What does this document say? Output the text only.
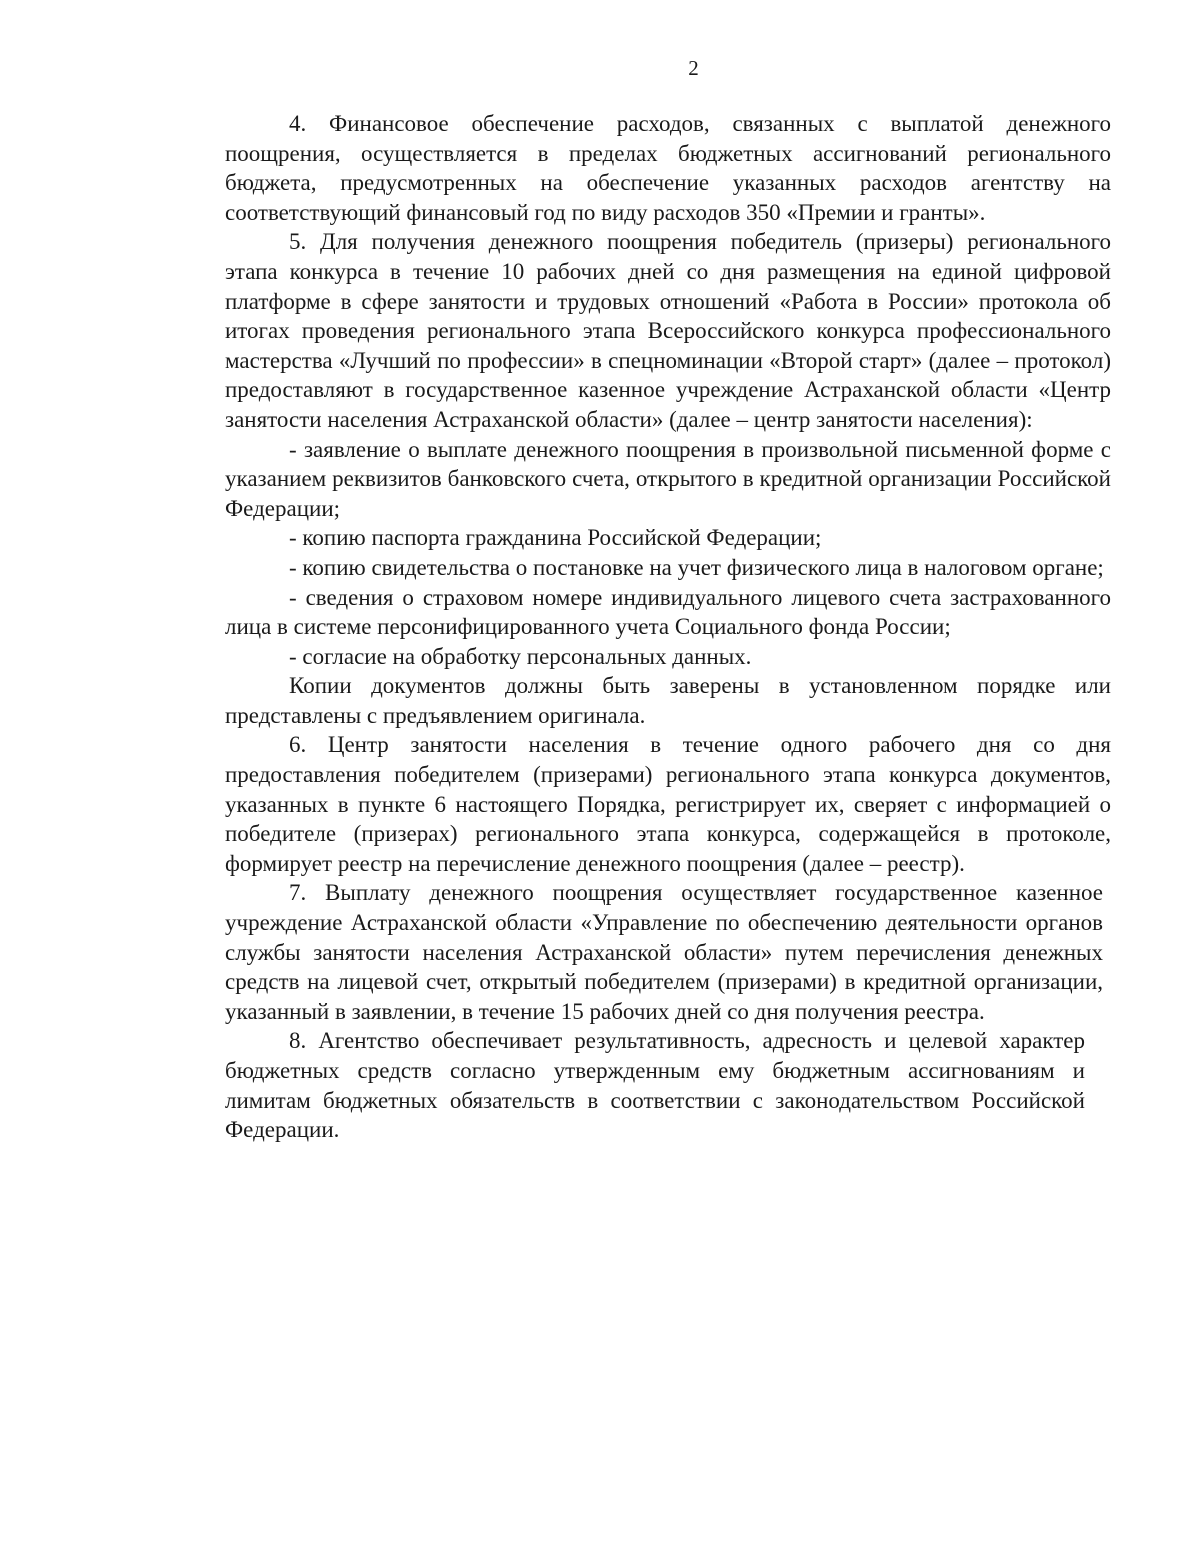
2

4. Финансовое обеспечение расходов, связанных с выплатой денежного поощрения, осуществляется в пределах бюджетных ассигнований регионального бюджета, предусмотренных на обеспечение указанных расходов агентству на соответствующий финансовый год по виду расходов 350 «Премии и гранты».

5. Для получения денежного поощрения победитель (призеры) регионального этапа конкурса в течение 10 рабочих дней со дня размещения на единой цифровой платформе в сфере занятости и трудовых отношений «Работа в России» протокола об итогах проведения регионального этапа Всероссийского конкурса профессионального мастерства «Лучший по профессии» в спецноминации «Второй старт» (далее – протокол) предоставляют в государственное казенное учреждение Астраханской области «Центр занятости населения Астраханской области» (далее – центр занятости населения):

- заявление о выплате денежного поощрения в произвольной письменной форме с указанием реквизитов банковского счета, открытого в кредитной организации Российской Федерации;

- копию паспорта гражданина Российской Федерации;

- копию свидетельства о постановке на учет физического лица в налоговом органе;

- сведения о страховом номере индивидуального лицевого счета застрахованного лица в системе персонифицированного учета Социального фонда России;

- согласие на обработку персональных данных.

Копии документов должны быть заверены в установленном порядке или представлены с предъявлением оригинала.

6. Центр занятости населения в течение одного рабочего дня со дня предоставления победителем (призерами) регионального этапа конкурса документов, указанных в пункте 6 настоящего Порядка, регистрирует их, сверяет с информацией о победителе (призерах) регионального этапа конкурса, содержащейся в протоколе, формирует реестр на перечисление денежного поощрения (далее – реестр).

7. Выплату денежного поощрения осуществляет государственное казенное учреждение Астраханской области «Управление по обеспечению деятельности органов службы занятости населения Астраханской области» путем перечисления денежных средств на лицевой счет, открытый победителем (призерами) в кредитной организации, указанный в заявлении, в течение 15 рабочих дней со дня получения реестра.

8. Агентство обеспечивает результативность, адресность и целевой характер бюджетных средств согласно утвержденным ему бюджетным ассигнованиям и лимитам бюджетных обязательств в соответствии с законодательством Российской Федерации.
